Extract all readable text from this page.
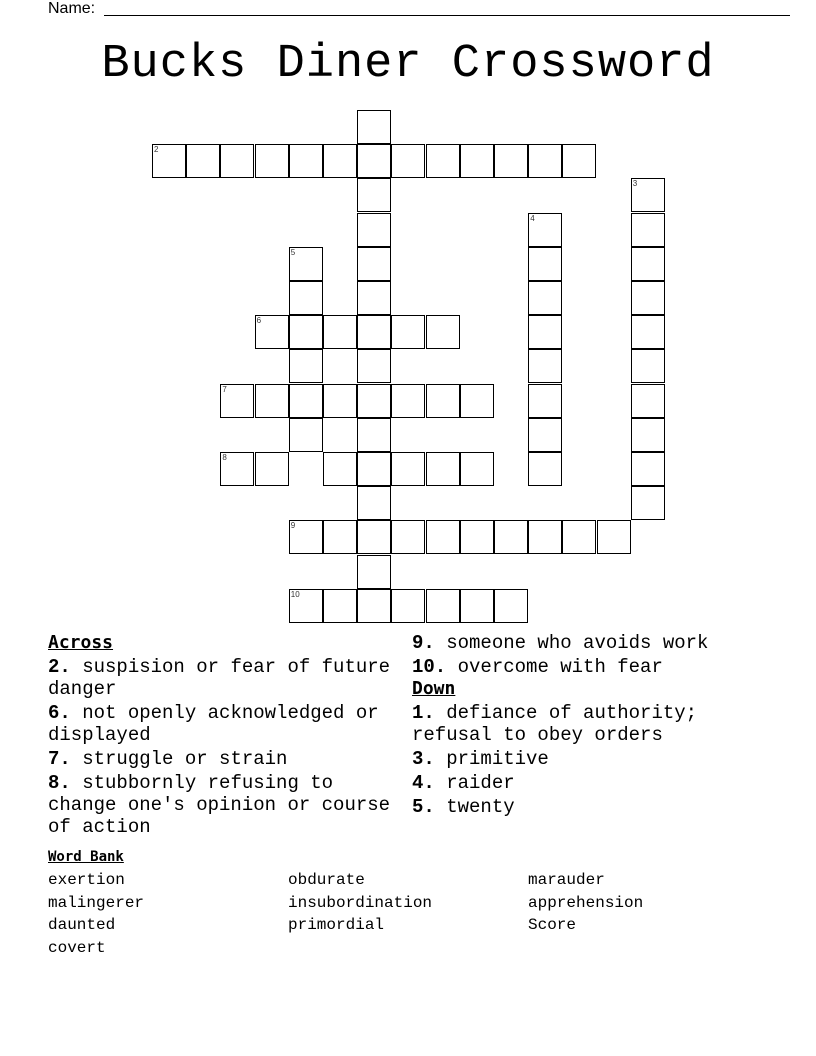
Name:
Bucks Diner Crossword
2
3
4
5
6
7
8
9
10
Across
2. suspision or fear of future danger
6. not openly acknowledged or displayed
7. struggle or strain
8. stubbornly refusing to change one's opinion or course of action
9. someone who avoids work
10. overcome with fear
Down
1. defiance of authority; refusal to obey orders
3. primitive
4. raider
5. twenty
Word Bank
exertion	obdurate	marauder
malingerer	insubordination	apprehension
daunted	primordial	Score
covert
